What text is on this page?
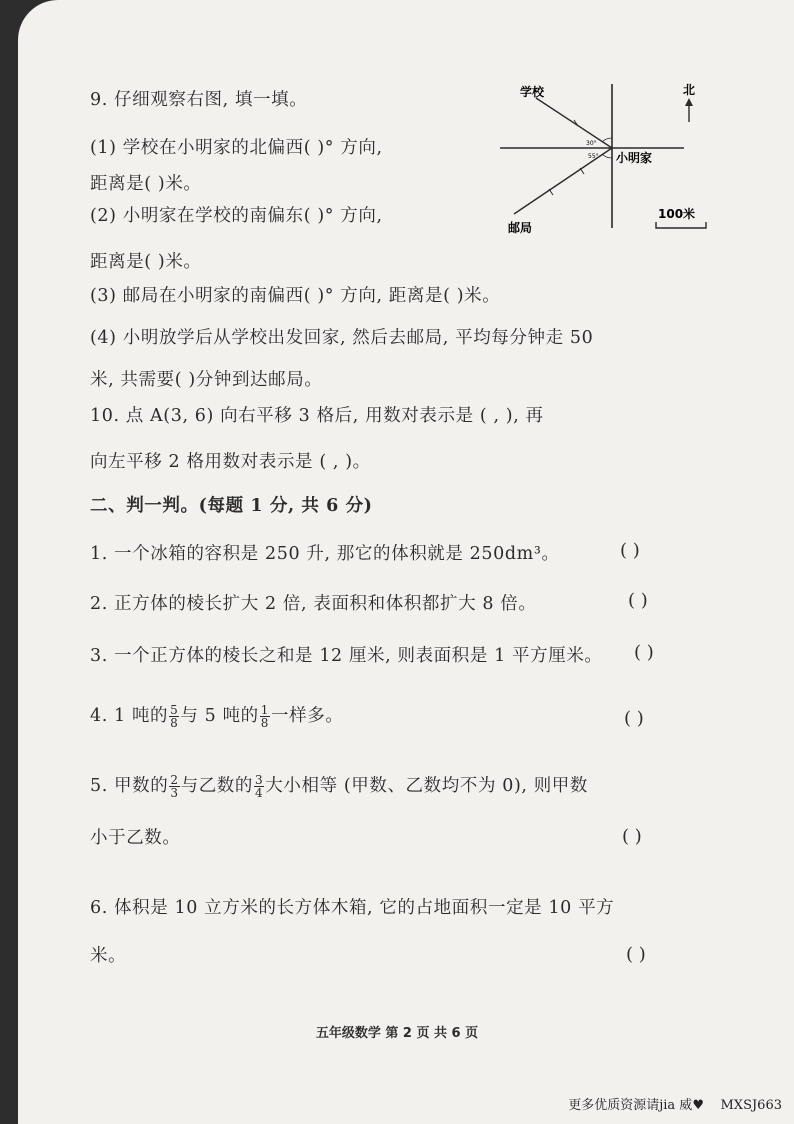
9. 仔细观察右图, 填一填。
(1) 学校在小明家的北偏西( )° 方向,
距离是( )米。
(2) 小明家在学校的南偏东( )° 方向,
距离是( )米。
(3) 邮局在小明家的南偏西( )° 方向, 距离是( )米。
(4) 小明放学后从学校出发回家, 然后去邮局, 平均每分钟走 50
米, 共需要( )分钟到达邮局。
30°
55°
学校
小明家
邮局
北
100米
10. 点 A(3, 6) 向右平移 3 格后, 用数对表示是 ( , ), 再
向左平移 2 格用数对表示是 ( , )。
二、判一判。(每题 1 分, 共 6 分)
1. 一个冰箱的容积是 250 升, 那它的体积就是 250dm³。	( )
2. 正方体的棱长扩大 2 倍, 表面积和体积都扩大 8 倍。	( )
3. 一个正方体的棱长之和是 12 厘米, 则表面积是 1 平方厘米。 ( )
4. 1 吨的 $\frac{5}{8}$ 与 5 吨的 $\frac{1}{8}$ 一样多。	( )
5. 甲数的 $\frac{2}{3}$ 与乙数的 $\frac{3}{4}$ 大小相等 (甲数、乙数均不为 0), 则甲数
小于乙数。	( )
6. 体积是 10 立方米的长方体木箱, 它的占地面积一定是 10 平方
米。	( )
五年级数学 第 2 页 共 6 页
更多优质资源请jia 威♥ MXSJ663
